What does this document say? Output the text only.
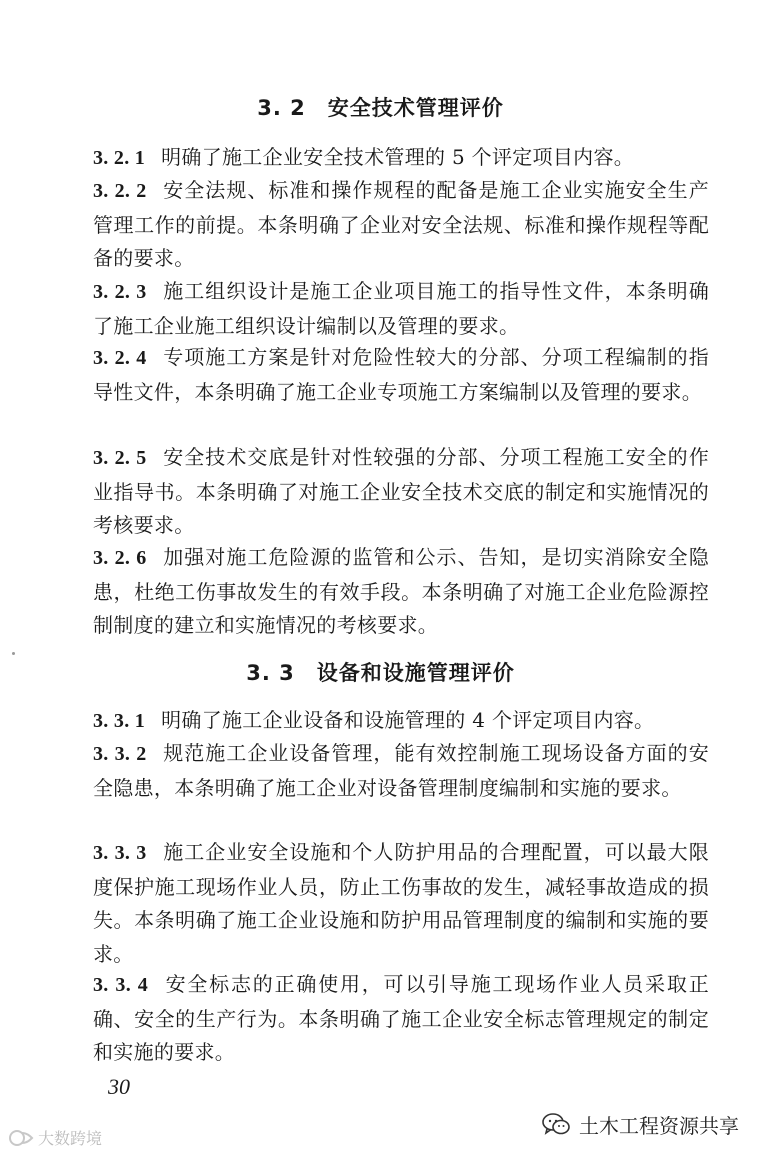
3. 2 安全技术管理评价
3. 2. 1 明确了施工企业安全技术管理的 5 个评定项目内容。
3. 2. 2 安全法规、标准和操作规程的配备是施工企业实施安全生产管理工作的前提。本条明确了企业对安全法规、标准和操作规程等配备的要求。
3. 2. 3 施工组织设计是施工企业项目施工的指导性文件，本条明确了施工企业施工组织设计编制以及管理的要求。
3. 2. 4 专项施工方案是针对危险性较大的分部、分项工程编制的指导性文件，本条明确了施工企业专项施工方案编制以及管理的要求。
3. 2. 5 安全技术交底是针对性较强的分部、分项工程施工安全的作业指导书。本条明确了对施工企业安全技术交底的制定和实施情况的考核要求。
3. 2. 6 加强对施工危险源的监管和公示、告知，是切实消除安全隐患，杜绝工伤事故发生的有效手段。本条明确了对施工企业危险源控制制度的建立和实施情况的考核要求。
3. 3 设备和设施管理评价
3. 3. 1 明确了施工企业设备和设施管理的 4 个评定项目内容。
3. 3. 2 规范施工企业设备管理，能有效控制施工现场设备方面的安全隐患，本条明确了施工企业对设备管理制度编制和实施的要求。
3. 3. 3 施工企业安全设施和个人防护用品的合理配置，可以最大限度保护施工现场作业人员，防止工伤事故的发生，减轻事故造成的损失。本条明确了施工企业设施和防护用品管理制度的编制和实施的要求。
3. 3. 4 安全标志的正确使用，可以引导施工现场作业人员采取正确、安全的生产行为。本条明确了施工企业安全标志管理规定的制定和实施的要求。
30
土木工程资源共享
大数跨境
